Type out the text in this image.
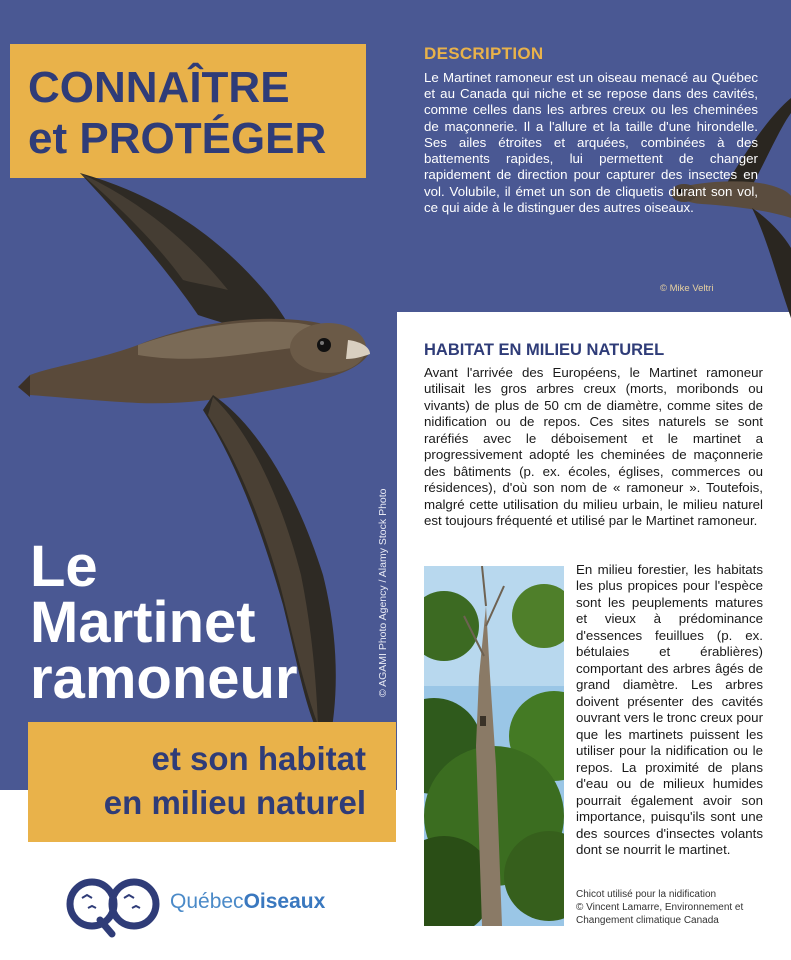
CONNAÎTRE
et PROTÉGER
© AGAMI Photo Agency / Alamy Stock Photo
Le
Martinet
ramoneur
et son habitat
en milieu naturel
DESCRIPTION
Le Martinet ramoneur est un oiseau menacé au Québec et au Canada qui niche et se repose dans des cavités, comme celles dans les arbres creux ou les cheminées de maçonnerie. Il a l'allure et la taille d'une hirondelle. Ses ailes étroites et arquées, combinées à des battements rapides, lui permettent de changer rapidement de direction pour capturer des insectes en vol. Volubile, il émet un son de cliquetis durant son vol, ce qui aide à le distinguer des autres oiseaux.
© Mike Veltri
HABITAT EN MILIEU NATUREL
Avant l'arrivée des Européens, le Martinet ramoneur utilisait les gros arbres creux (morts, moribonds ou vivants) de plus de 50 cm de diamètre, comme sites de nidification ou de repos. Ces sites naturels se sont raréfiés avec le déboisement et le martinet a progressivement adopté les cheminées de maçonnerie des bâtiments (p. ex. écoles, églises, commerces ou résidences), d'où son nom de « ramoneur ». Toutefois, malgré cette utilisation du milieu urbain, le milieu naturel est toujours fréquenté et utilisé par le Martinet ramoneur.
En milieu forestier, les habitats les plus propices pour l'espèce sont les peuplements matures et vieux à prédominance d'essences feuillues (p. ex. bétulaies et érablières) comportant des arbres âgés de grand diamètre. Les arbres doivent présenter des cavités ouvrant vers le tronc creux pour que les martinets puissent les utiliser pour la nidification ou le repos. La proximité de plans d'eau ou de milieux humides pourrait également avoir son importance, puisqu'ils sont une des sources d'insectes volants dont se nourrit le martinet.
Chicot utilisé pour la nidification
© Vincent Lamarre, Environnement et
Changement climatique Canada
QuébecOiseaux
